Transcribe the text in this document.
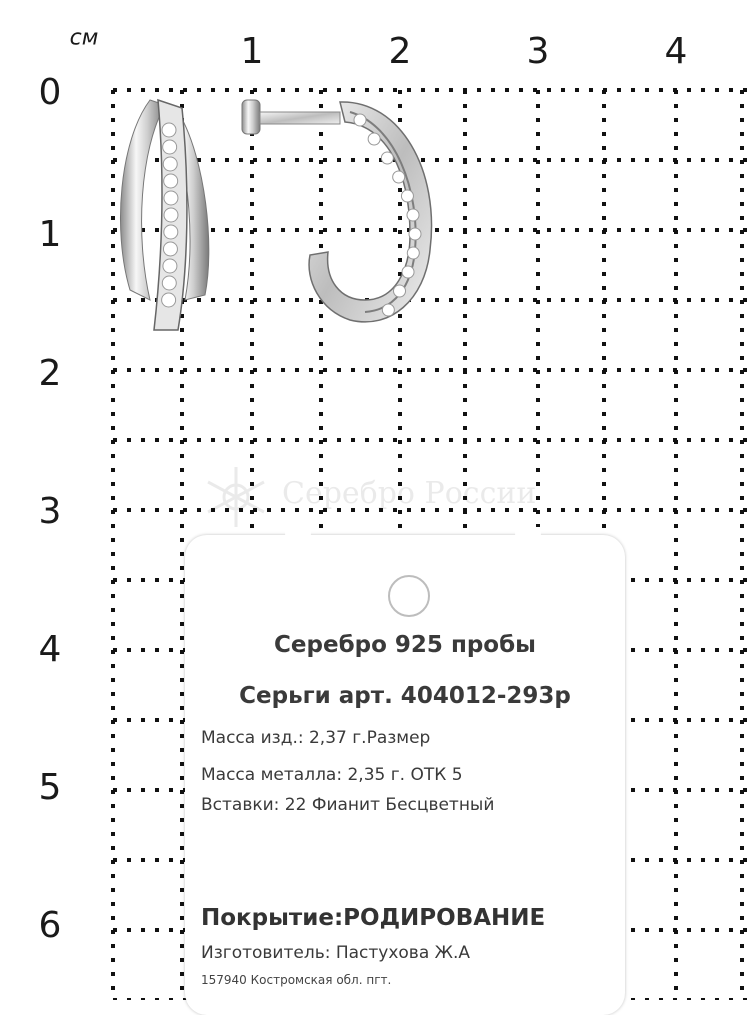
см	1	2	3	4
0
1
2
3
4
5
6
Серебро России
Серебро 925 пробы
Серьги арт. 404012-293р
Масса изд.: 2,37 г.Размер
Масса металла: 2,35 г. ОТК 5
Вставки: 22 Фианит Бесцветный
Покрытие:РОДИРОВАНИЕ
Изготовитель: Пастухова Ж.А
157940 Костромская обл. пгт.
